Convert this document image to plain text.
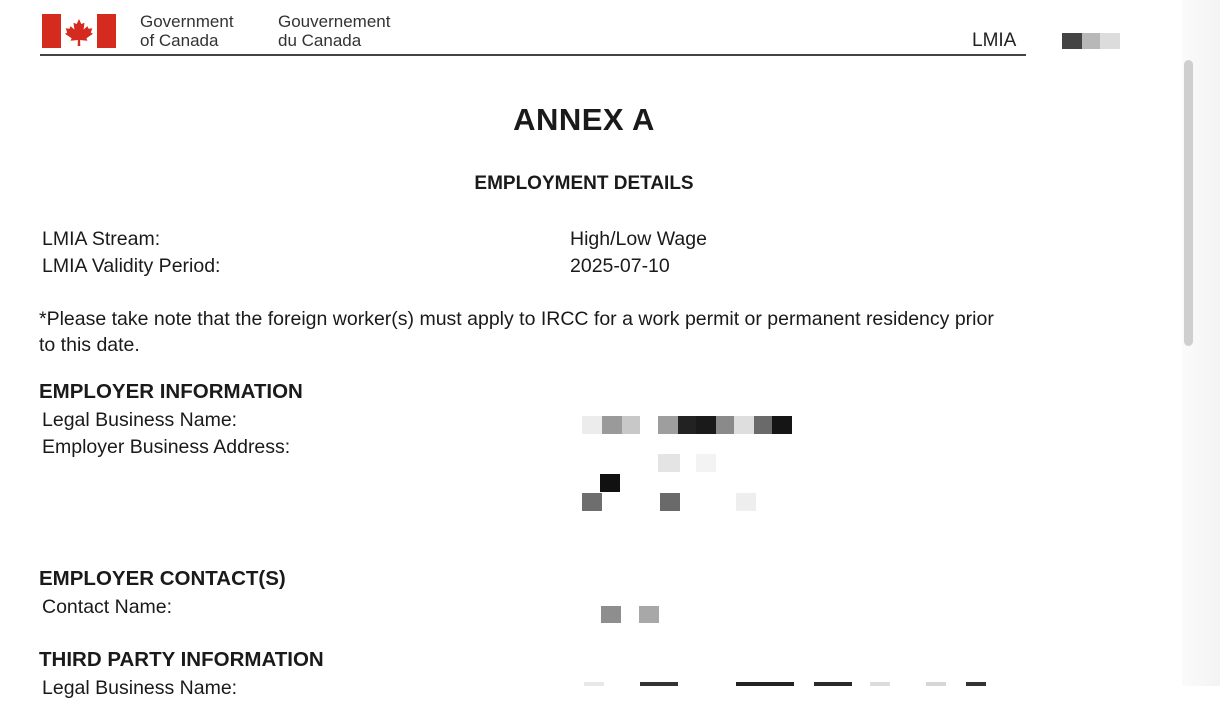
Government
of Canada
Gouvernement
du Canada	LMIA
ANNEX A
EMPLOYMENT DETAILS
LMIA Stream:	High/Low Wage
LMIA Validity Period:	2025-07-10
*Please take note that the foreign worker(s) must apply to IRCC for a work permit or permanent residency prior
to this date.
EMPLOYER INFORMATION
Legal Business Name:
Employer Business Address:
EMPLOYER CONTACT(S)
Contact Name:
THIRD PARTY INFORMATION
Legal Business Name:
